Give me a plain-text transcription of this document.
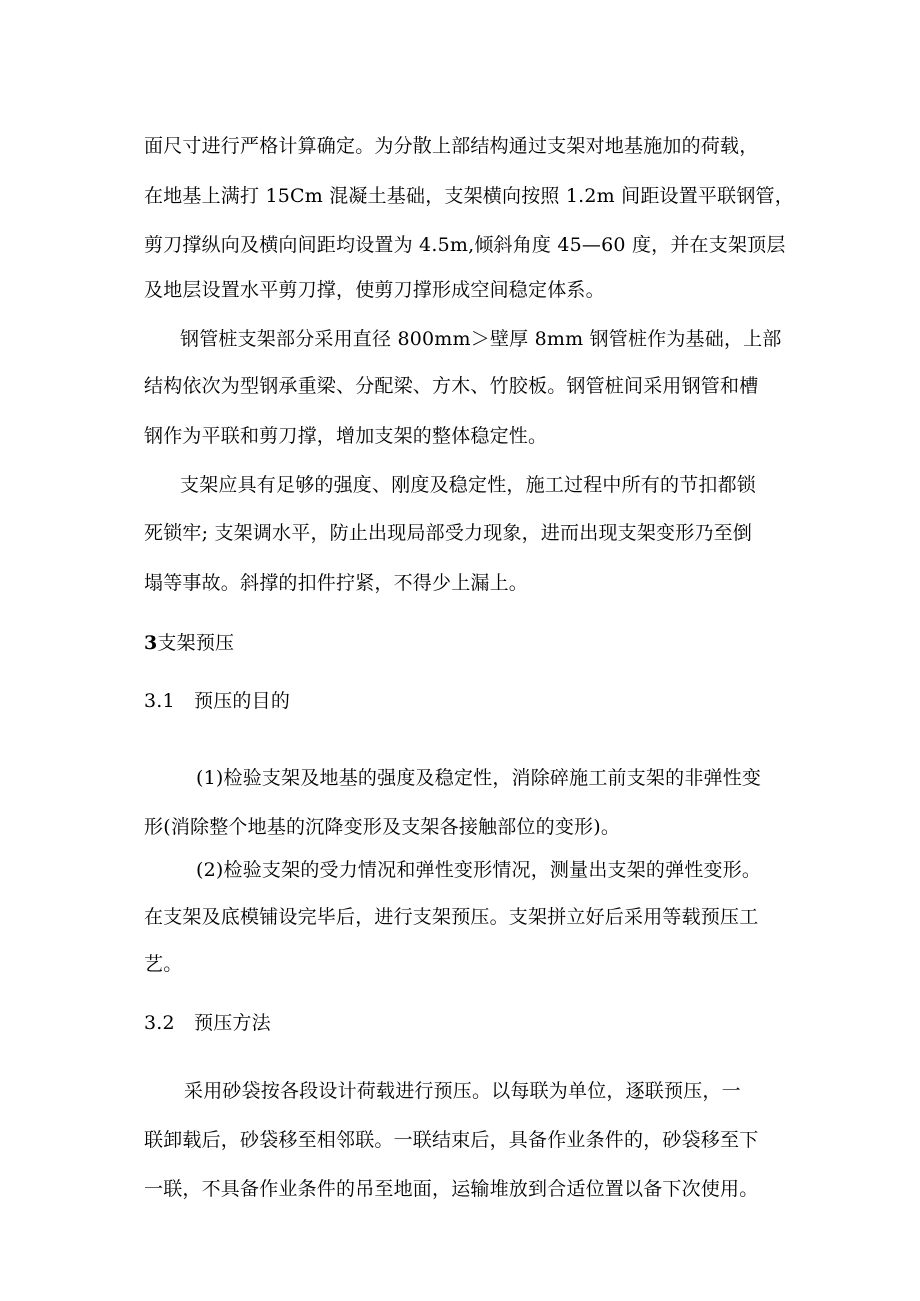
面尺寸进行严格计算确定。为分散上部结构通过支架对地基施加的荷载，
在地基上满打 15Cm 混凝土基础，支架横向按照 1.2m 间距设置平联钢管，
剪刀撑纵向及横向间距均设置为 4.5m,倾斜角度 45—60 度，并在支架顶层
及地层设置水平剪刀撑，使剪刀撑形成空间稳定体系。
钢管桩支架部分采用直径 800mm＞壁厚 8mm 钢管桩作为基础，上部
结构依次为型钢承重梁、分配梁、方木、竹胶板。钢管桩间采用钢管和槽
钢作为平联和剪刀撑，增加支架的整体稳定性。
支架应具有足够的强度、刚度及稳定性，施工过程中所有的节扣都锁
死锁牢; 支架调水平，防止出现局部受力现象，进而出现支架变形乃至倒
塌等事故。斜撑的扣件拧紧，不得少上漏上。
3支架预压
3.1　预压的目的
(1)检验支架及地基的强度及稳定性，消除碎施工前支架的非弹性变
形(消除整个地基的沉降变形及支架各接触部位的变形)。
(2)检验支架的受力情况和弹性变形情况，测量出支架的弹性变形。
在支架及底模铺设完毕后，进行支架预压。支架拼立好后采用等载预压工
艺。
3.2　预压方法
采用砂袋按各段设计荷载进行预压。以每联为单位，逐联预压，一
联卸载后，砂袋移至相邻联。一联结束后，具备作业条件的，砂袋移至下
一联，不具备作业条件的吊至地面，运输堆放到合适位置以备下次使用。
